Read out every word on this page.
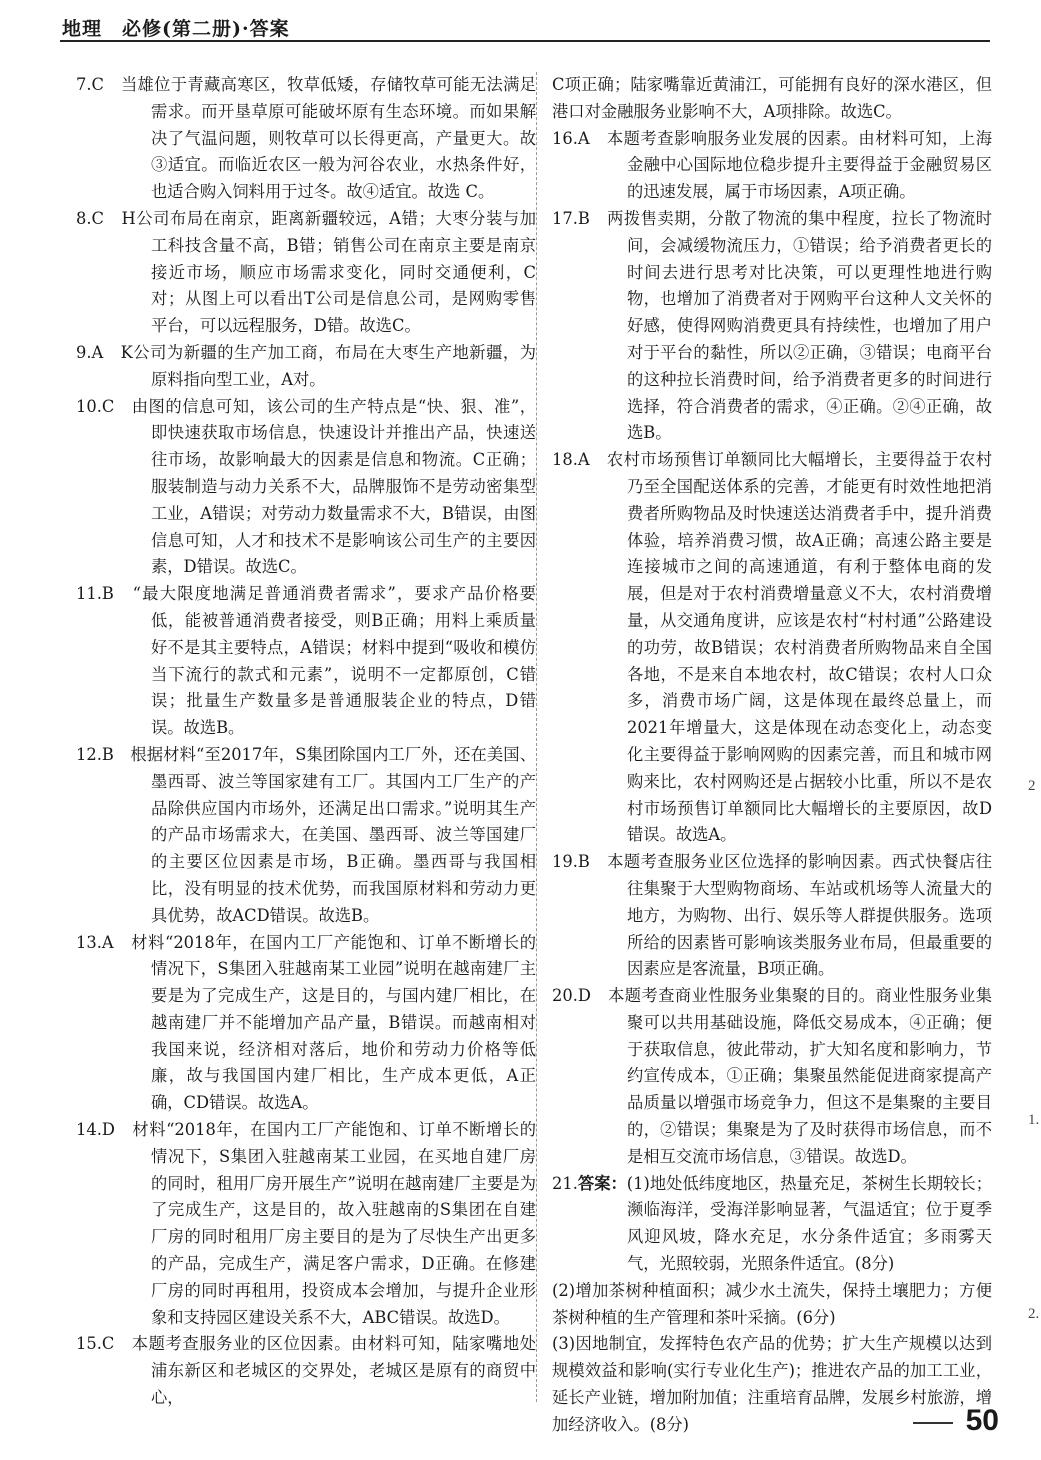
地理　必修(第二册)·答案

7.C　当雄位于青藏高寒区，牧草低矮，存储牧草可能无法满足需求。而开垦草原可能破坏原有生态环境。而如果解决了气温问题，则牧草可以长得更高，产量更大。故③适宜。而临近农区一般为河谷农业，水热条件好，也适合购入饲料用于过冬。故④适宜。故选 C。

8.C　H公司布局在南京，距离新疆较远，A错；大枣分装与加工科技含量不高，B错；销售公司在南京主要是南京接近市场，顺应市场需求变化，同时交通便利，C对；从图上可以看出T公司是信息公司，是网购零售平台，可以远程服务，D错。故选C。

9.A　K公司为新疆的生产加工商，布局在大枣生产地新疆，为原料指向型工业，A对。

10.C　由图的信息可知，该公司的生产特点是“快、狠、准”，即快速获取市场信息，快速设计并推出产品，快速送往市场，故影响最大的因素是信息和物流。C正确；服装制造与动力关系不大，品牌服饰不是劳动密集型工业，A错误；对劳动力数量需求不大，B错误，由图信息可知，人才和技术不是影响该公司生产的主要因素，D错误。故选C。

11.B　“最大限度地满足普通消费者需求”，要求产品价格要低，能被普通消费者接受，则B正确；用料上乘质量好不是其主要特点，A错误；材料中提到“吸收和模仿当下流行的款式和元素”，说明不一定都原创，C错误；批量生产数量多是普通服装企业的特点，D错误。故选B。

12.B　根据材料“至2017年，S集团除国内工厂外，还在美国、墨西哥、波兰等国家建有工厂。其国内工厂生产的产品除供应国内市场外，还满足出口需求。”说明其生产的产品市场需求大，在美国、墨西哥、波兰等国建厂的主要区位因素是市场，B正确。墨西哥与我国相比，没有明显的技术优势，而我国原材料和劳动力更具优势，故ACD错误。故选B。

13.A　材料“2018年，在国内工厂产能饱和、订单不断增长的情况下，S集团入驻越南某工业园”说明在越南建厂主要是为了完成生产，这是目的，与国内建厂相比，在越南建厂并不能增加产品产量，B错误。而越南相对我国来说，经济相对落后，地价和劳动力价格等低廉，故与我国国内建厂相比，生产成本更低，A正确，CD错误。故选A。

14.D　材料“2018年，在国内工厂产能饱和、订单不断增长的情况下，S集团入驻越南某工业园，在买地自建厂房的同时，租用厂房开展生产”说明在越南建厂主要是为了完成生产，这是目的，故入驻越南的S集团在自建厂房的同时租用厂房主要目的是为了尽快生产出更多的产品，完成生产，满足客户需求，D正确。在修建厂房的同时再租用，投资成本会增加，与提升企业形象和支持园区建设关系不大，ABC错误。故选D。

15.C　本题考查服务业的区位因素。由材料可知，陆家嘴地处浦东新区和老城区的交界处，老城区是原有的商贸中心，

C项正确；陆家嘴靠近黄浦江，可能拥有良好的深水港区，但港口对金融服务业影响不大，A项排除。故选C。

16.A　本题考查影响服务业发展的因素。由材料可知，上海金融中心国际地位稳步提升主要得益于金融贸易区的迅速发展，属于市场因素，A项正确。

17.B　两拨售卖期，分散了物流的集中程度，拉长了物流时间，会减缓物流压力，①错误；给予消费者更长的时间去进行思考对比决策，可以更理性地进行购物，也增加了消费者对于网购平台这种人文关怀的好感，使得网购消费更具有持续性，也增加了用户对于平台的黏性，所以②正确，③错误；电商平台的这种拉长消费时间，给予消费者更多的时间进行选择，符合消费者的需求，④正确。②④正确，故选B。

18.A　农村市场预售订单额同比大幅增长，主要得益于农村乃至全国配送体系的完善，才能更有时效性地把消费者所购物品及时快速送达消费者手中，提升消费体验，培养消费习惯，故A正确；高速公路主要是连接城市之间的高速通道，有利于整体电商的发展，但是对于农村消费增量意义不大，农村消费增量，从交通角度讲，应该是农村“村村通”公路建设的功劳，故B错误；农村消费者所购物品来自全国各地，不是来自本地农村，故C错误；农村人口众多，消费市场广阔，这是体现在最终总量上，而2021年增量大，这是体现在动态变化上，动态变化主要得益于影响网购的因素完善，而且和城市网购来比，农村网购还是占据较小比重，所以不是农村市场预售订单额同比大幅增长的主要原因，故D错误。故选A。

19.B　本题考查服务业区位选择的影响因素。西式快餐店往往集聚于大型购物商场、车站或机场等人流量大的地方，为购物、出行、娱乐等人群提供服务。选项所给的因素皆可影响该类服务业布局，但最重要的因素应是客流量，B项正确。

20.D　本题考查商业性服务业集聚的目的。商业性服务业集聚可以共用基础设施，降低交易成本，④正确；便于获取信息，彼此带动，扩大知名度和影响力，节约宣传成本，①正确；集聚虽然能促进商家提高产品质量以增强市场竞争力，但这不是集聚的主要目的，②错误；集聚是为了及时获得市场信息，而不是相互交流市场信息，③错误。故选D。

21.答案：(1)地处低纬度地区，热量充足，茶树生长期较长；濒临海洋，受海洋影响显著，气温适宜；位于夏季风迎风坡，降水充足，水分条件适宜；多雨雾天气，光照较弱，光照条件适宜。(8分)

(2)增加茶树种植面积；减少水土流失，保持土壤肥力；方便茶树种植的生产管理和茶叶采摘。(6分)

(3)因地制宜，发挥特色农产品的优势；扩大生产规模以达到规模效益和影响(实行专业化生产)；推进农产品的加工工业，延长产业链，增加附加值；注重培育品牌，发展乡村旅游，增加经济收入。(8分)

2
1.
2.
50
